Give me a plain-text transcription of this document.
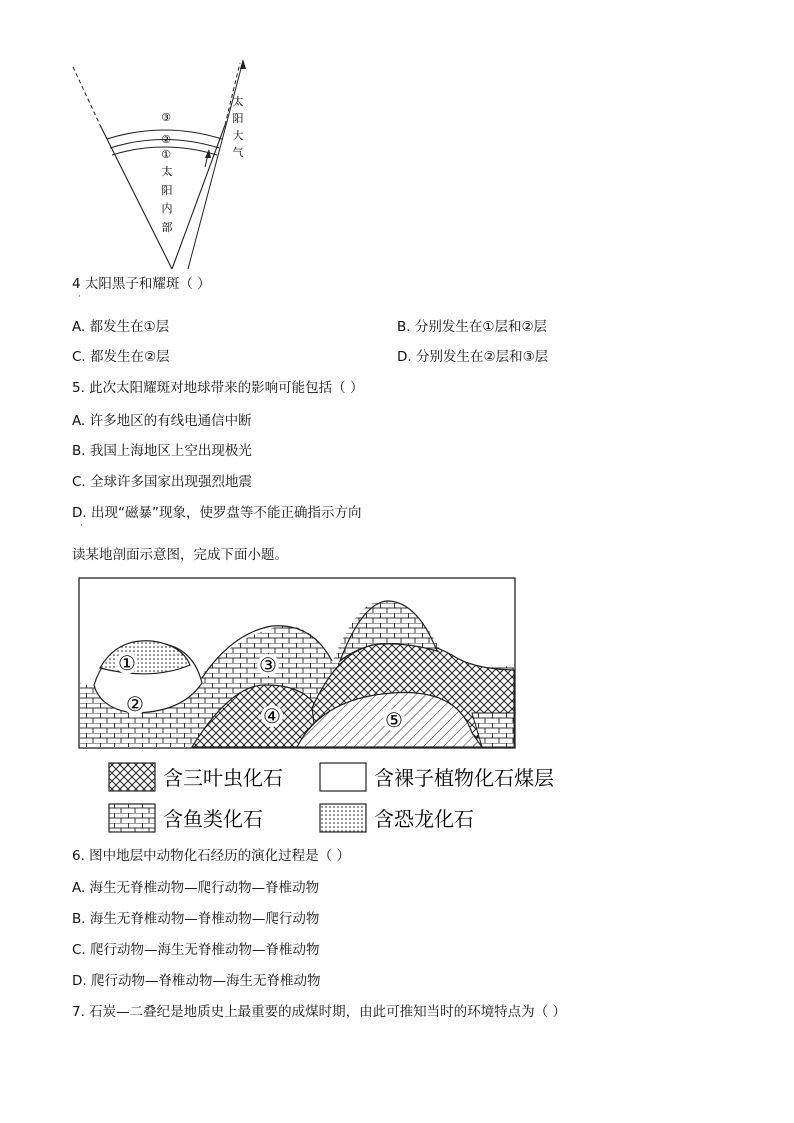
③
②
①
太
阳
内
部
太
阳
大
气
4 太阳黑子和耀斑（ ）
·
A. 都发生在①层	B. 分别发生在①层和②层
C. 都发生在②层	D. 分别发生在②层和③层
5. 此次太阳耀斑对地球带来的影响可能包括（ ）
A. 许多地区的有线电通信中断
B. 我国上海地区上空出现极光
C. 全球许多国家出现强烈地震
D. 出现“磁暴”现象，使罗盘等不能正确指示方向
·
读某地剖面示意图，完成下面小题。
①
②
③
④	⑤
含三叶虫化石	含裸子植物化石煤层
含鱼类化石	含恐龙化石
6. 图中地层中动物化石经历的演化过程是（ ）
A. 海生无脊椎动物—爬行动物—脊椎动物
B. 海生无脊椎动物—脊椎动物—爬行动物
C. 爬行动物—海生无脊椎动物—脊椎动物
D. 爬行动物—脊椎动物—海生无脊椎动物
7. 石炭—二叠纪是地质史上最重要的成煤时期，由此可推知当时的环境特点为（ ）
